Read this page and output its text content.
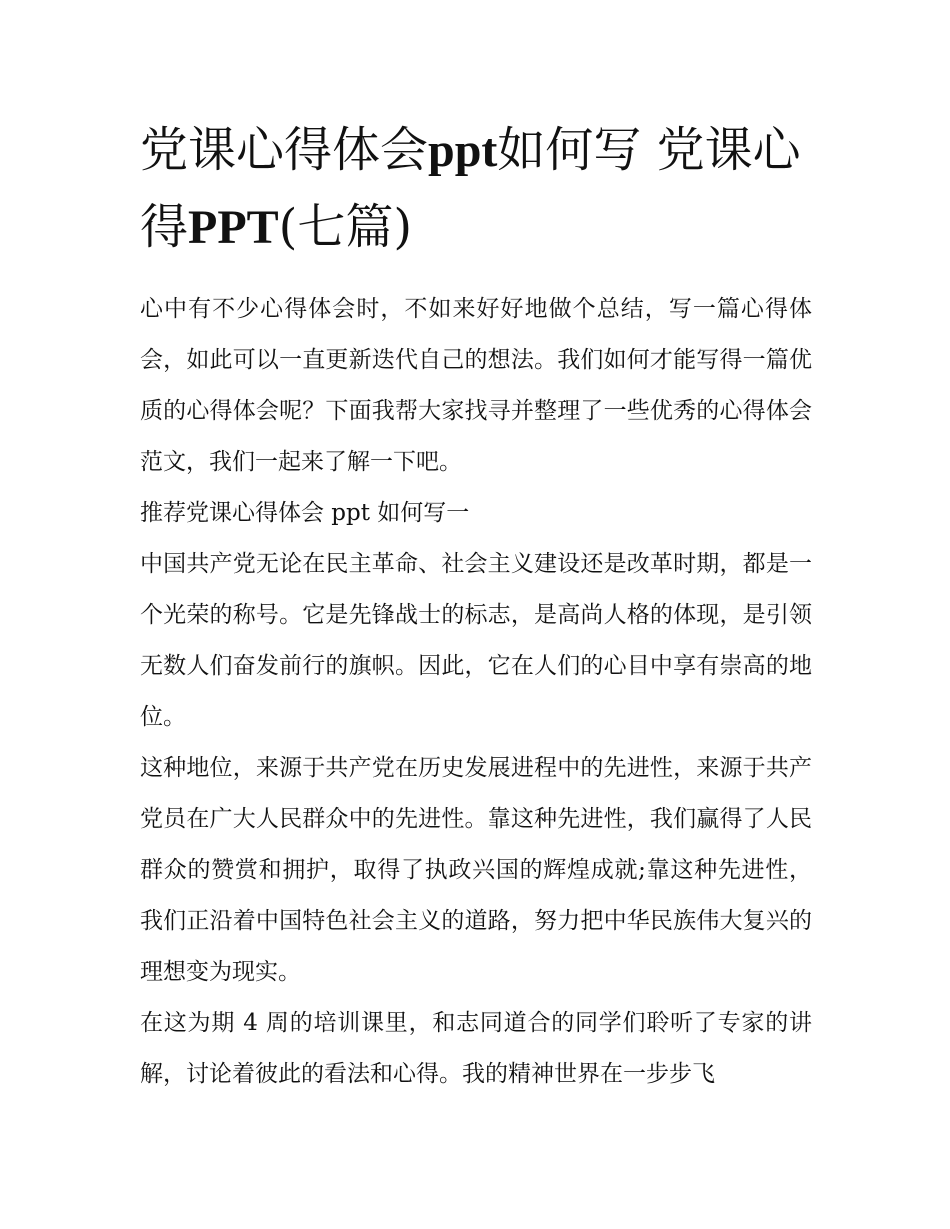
党课心得体会ppt如何写 党课心得PPT(七篇)

心中有不少心得体会时，不如来好好地做个总结，写一篇心得体会，如此可以一直更新迭代自己的想法。我们如何才能写得一篇优质的心得体会呢？下面我帮大家找寻并整理了一些优秀的心得体会范文，我们一起来了解一下吧。

推荐党课心得体会 ppt 如何写一

中国共产党无论在民主革命、社会主义建设还是改革时期，都是一个光荣的称号。它是先锋战士的标志，是高尚人格的体现，是引领无数人们奋发前行的旗帜。因此，它在人们的心目中享有崇高的地位。

这种地位，来源于共产党在历史发展进程中的先进性，来源于共产党员在广大人民群众中的先进性。靠这种先进性，我们赢得了人民群众的赞赏和拥护，取得了执政兴国的辉煌成就;靠这种先进性，我们正沿着中国特色社会主义的道路，努力把中华民族伟大复兴的理想变为现实。

在这为期 4 周的培训课里，和志同道合的同学们聆听了专家的讲解，讨论着彼此的看法和心得。我的精神世界在一步步飞
